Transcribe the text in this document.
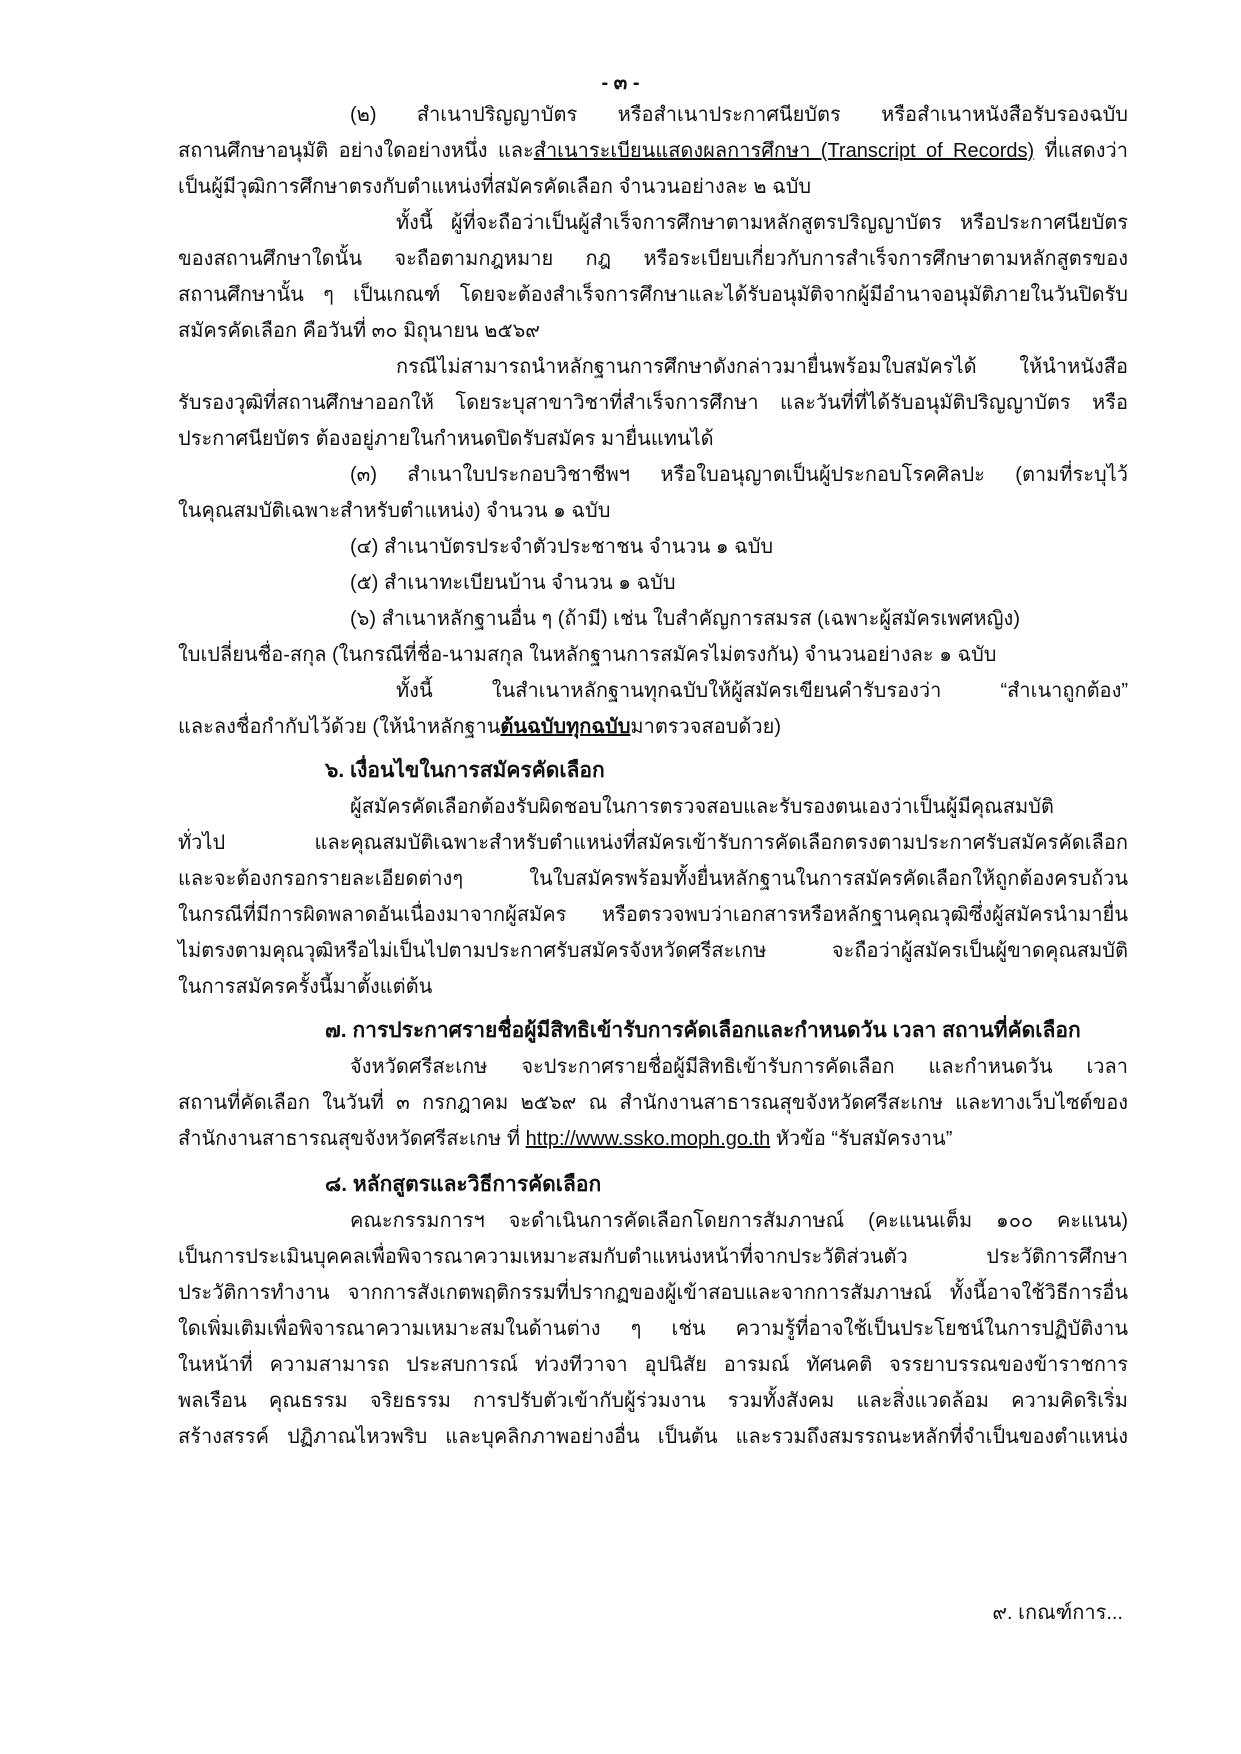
- ๓ -
(๒) สำเนาปริญญาบัตร หรือสำเนาประกาศนียบัตร หรือสำเนาหนังสือรับรองฉบับ
สถานศึกษาอนุมัติ อย่างใดอย่างหนึ่ง และสำเนาระเบียนแสดงผลการศึกษา (Transcript of Records) ที่แสดงว่า
เป็นผู้มีวุฒิการศึกษาตรงกับตำแหน่งที่สมัครคัดเลือก จำนวนอย่างละ ๒ ฉบับ
ทั้งนี้ ผู้ที่จะถือว่าเป็นผู้สำเร็จการศึกษาตามหลักสูตรปริญญาบัตร หรือประกาศนียบัตร
ของสถานศึกษาใดนั้น จะถือตามกฎหมาย กฎ หรือระเบียบเกี่ยวกับการสำเร็จการศึกษาตามหลักสูตรของ
สถานศึกษานั้น ๆ เป็นเกณฑ์ โดยจะต้องสำเร็จการศึกษาและได้รับอนุมัติจากผู้มีอำนาจอนุมัติภายในวันปิดรับ
สมัครคัดเลือก คือวันที่ ๓๐ มิถุนายน ๒๕๖๙
กรณีไม่สามารถนำหลักฐานการศึกษาดังกล่าวมายื่นพร้อมใบสมัครได้ ให้นำหนังสือ
รับรองวุฒิที่สถานศึกษาออกให้ โดยระบุสาขาวิชาที่สำเร็จการศึกษา และวันที่ที่ได้รับอนุมัติปริญญาบัตร หรือ
ประกาศนียบัตร ต้องอยู่ภายในกำหนดปิดรับสมัคร มายื่นแทนได้
(๓) สำเนาใบประกอบวิชาชีพฯ หรือใบอนุญาตเป็นผู้ประกอบโรคศิลปะ (ตามที่ระบุไว้
ในคุณสมบัติเฉพาะสำหรับตำแหน่ง) จำนวน ๑ ฉบับ
(๔) สำเนาบัตรประจำตัวประชาชน จำนวน ๑ ฉบับ
(๕) สำเนาทะเบียนบ้าน จำนวน ๑ ฉบับ
(๖) สำเนาหลักฐานอื่น ๆ (ถ้ามี) เช่น ใบสำคัญการสมรส (เฉพาะผู้สมัครเพศหญิง)
ใบเปลี่ยนชื่อ-สกุล (ในกรณีที่ชื่อ-นามสกุล ในหลักฐานการสมัครไม่ตรงกัน) จำนวนอย่างละ ๑ ฉบับ
ทั้งนี้ ในสำเนาหลักฐานทุกฉบับให้ผู้สมัครเขียนคำรับรองว่า “สำเนาถูกต้อง”
และลงชื่อกำกับไว้ด้วย (ให้นำหลักฐานต้นฉบับทุกฉบับมาตรวจสอบด้วย)
๖. เงื่อนไขในการสมัครคัดเลือก
ผู้สมัครคัดเลือกต้องรับผิดชอบในการตรวจสอบและรับรองตนเองว่าเป็นผู้มีคุณสมบัติ
ทั่วไป และคุณสมบัติเฉพาะสำหรับตำแหน่งที่สมัครเข้ารับการคัดเลือกตรงตามประกาศรับสมัครคัดเลือก
และจะต้องกรอกรายละเอียดต่างๆ ในใบสมัครพร้อมทั้งยื่นหลักฐานในการสมัครคัดเลือกให้ถูกต้องครบถ้วน
ในกรณีที่มีการผิดพลาดอันเนื่องมาจากผู้สมัคร หรือตรวจพบว่าเอกสารหรือหลักฐานคุณวุฒิซึ่งผู้สมัครนำมายื่น
ไม่ตรงตามคุณวุฒิหรือไม่เป็นไปตามประกาศรับสมัครจังหวัดศรีสะเกษ จะถือว่าผู้สมัครเป็นผู้ขาดคุณสมบัติ
ในการสมัครครั้งนี้มาตั้งแต่ต้น
๗. การประกาศรายชื่อผู้มีสิทธิเข้ารับการคัดเลือกและกำหนดวัน เวลา สถานที่คัดเลือก
จังหวัดศรีสะเกษ จะประกาศรายชื่อผู้มีสิทธิเข้ารับการคัดเลือก และกำหนดวัน เวลา
สถานที่คัดเลือก ในวันที่ ๓ กรกฎาคม ๒๕๖๙ ณ สำนักงานสาธารณสุขจังหวัดศรีสะเกษ และทางเว็บไซต์ของ
สำนักงานสาธารณสุขจังหวัดศรีสะเกษ ที่ http://www.ssko.moph.go.th หัวข้อ “รับสมัครงาน”
๘. หลักสูตรและวิธีการคัดเลือก
คณะกรรมการฯ จะดำเนินการคัดเลือกโดยการสัมภาษณ์ (คะแนนเต็ม ๑๐๐ คะแนน)
เป็นการประเมินบุคคลเพื่อพิจารณาความเหมาะสมกับตำแหน่งหน้าที่จากประวัติส่วนตัว ประวัติการศึกษา
ประวัติการทำงาน จากการสังเกตพฤติกรรมที่ปรากฏของผู้เข้าสอบและจากการสัมภาษณ์ ทั้งนี้อาจใช้วิธีการอื่น
ใดเพิ่มเติมเพื่อพิจารณาความเหมาะสมในด้านต่าง ๆ เช่น ความรู้ที่อาจใช้เป็นประโยชน์ในการปฏิบัติงาน
ในหน้าที่ ความสามารถ ประสบการณ์ ท่วงทีวาจา อุปนิสัย อารมณ์ ทัศนคติ จรรยาบรรณของข้าราชการ
พลเรือน คุณธรรม จริยธรรม การปรับตัวเข้ากับผู้ร่วมงาน รวมทั้งสังคม และสิ่งแวดล้อม ความคิดริเริ่ม
สร้างสรรค์ ปฏิภาณไหวพริบ และบุคลิกภาพอย่างอื่น เป็นต้น และรวมถึงสมรรถนะหลักที่จำเป็นของตำแหน่ง
๙. เกณฑ์การ...
